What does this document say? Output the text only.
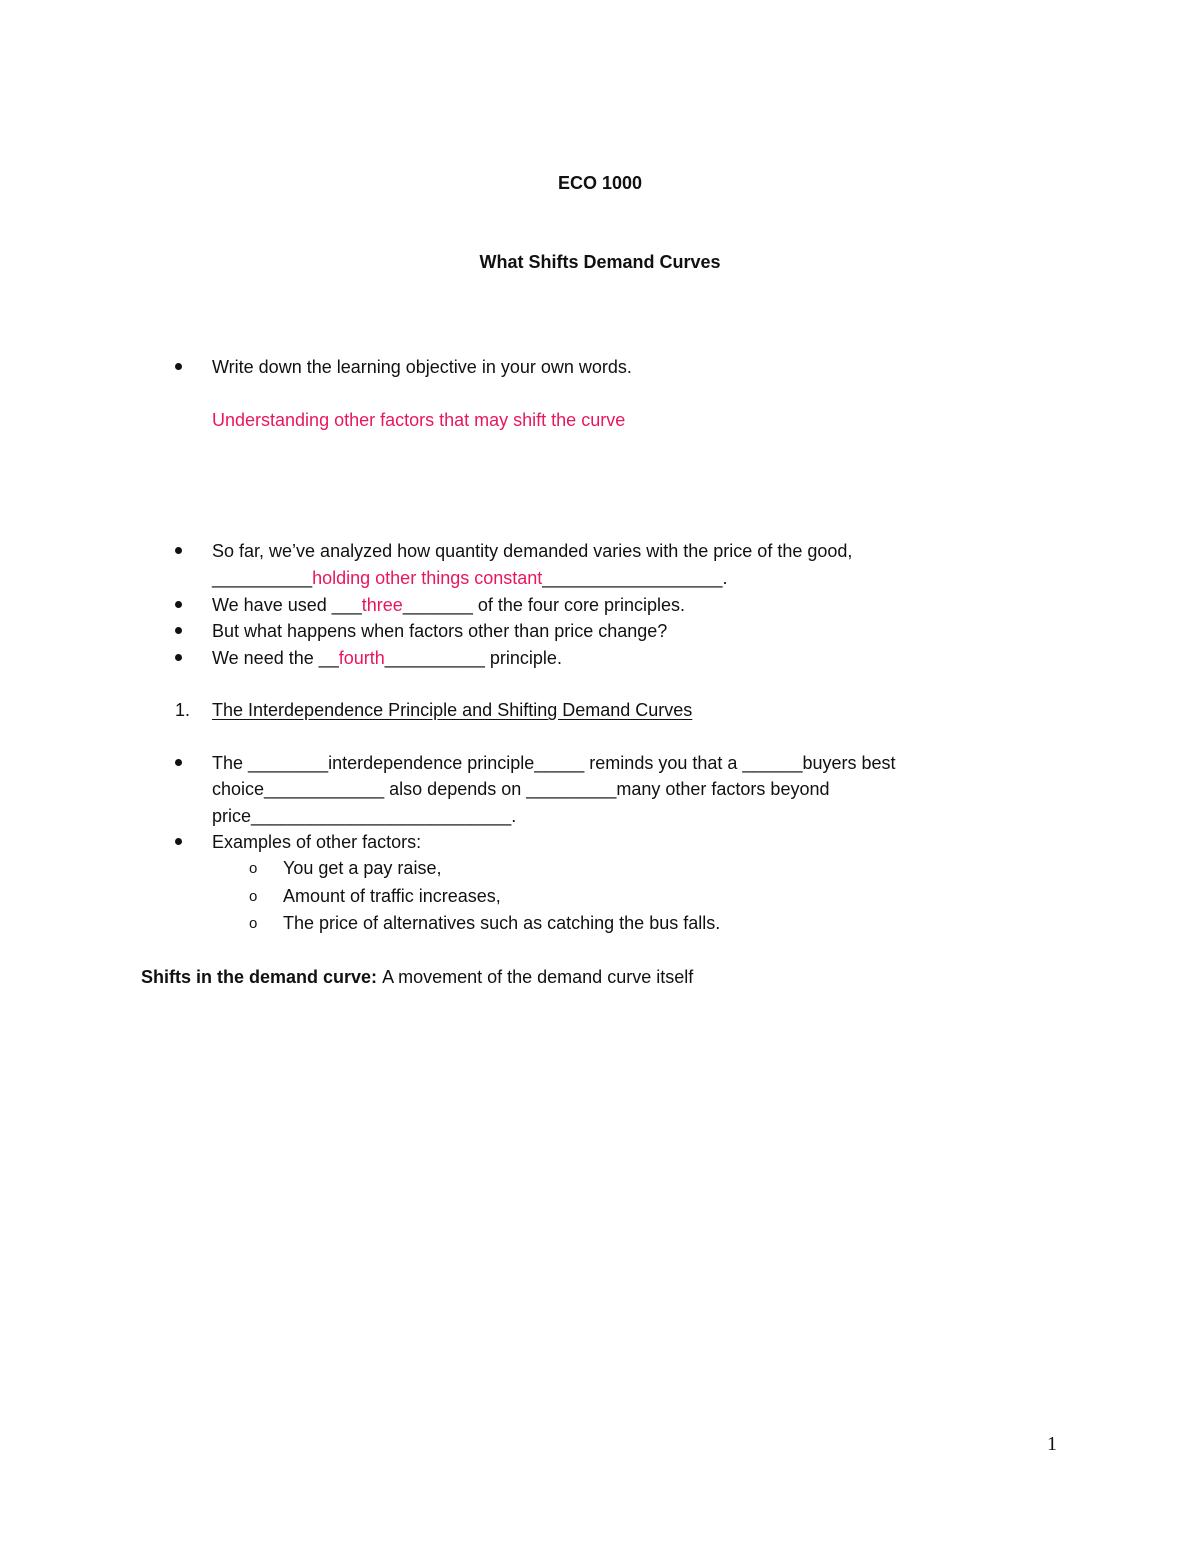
ECO 1000
What Shifts Demand Curves
Write down the learning objective in your own words.
Understanding other factors that may shift the curve
So far, we’ve analyzed how quantity demanded varies with the price of the good,
__________holding other things constant__________________.
We have used ___three_______ of the four core principles.
But what happens when factors other than price change?
We need the __fourth__________ principle.
1. The Interdependence Principle and Shifting Demand Curves
The ________interdependence principle_____ reminds you that a ______buyers best
choice____________ also depends on _________many other factors beyond
price__________________________.
Examples of other factors:
o You get a pay raise,
o Amount of traffic increases,
o The price of alternatives such as catching the bus falls.
Shifts in the demand curve: A movement of the demand curve itself
1
